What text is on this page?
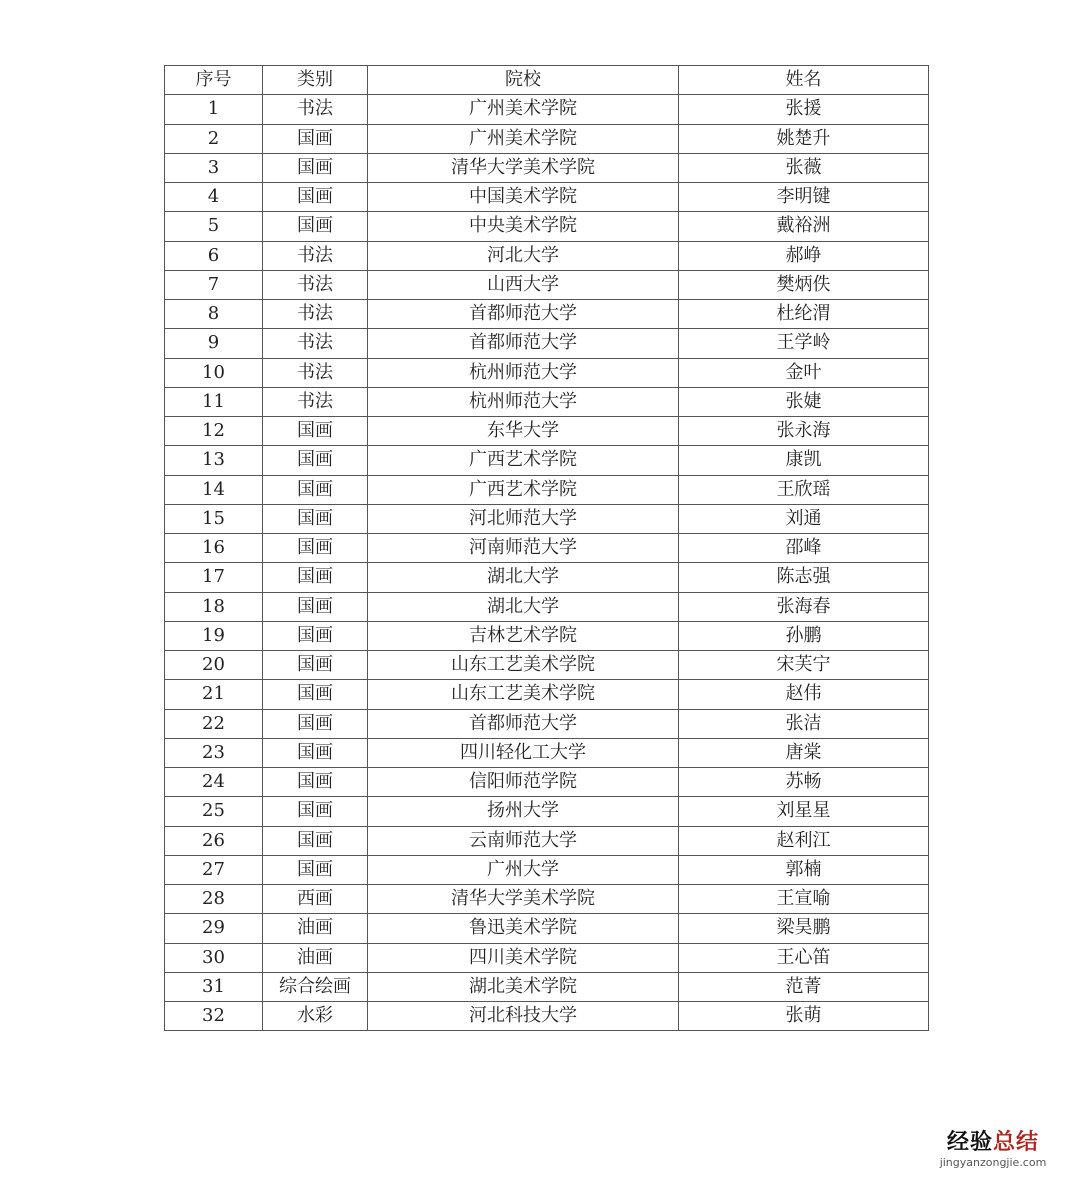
序号	类别	院校	姓名
1	书法	广州美术学院	张援
2	国画	广州美术学院	姚楚升
3	国画	清华大学美术学院	张薇
4	国画	中国美术学院	李明键
5	国画	中央美术学院	戴裕洲
6	书法	河北大学	郝峥
7	书法	山西大学	樊炳佚
8	书法	首都师范大学	杜纶渭
9	书法	首都师范大学	王学岭
10	书法	杭州师范大学	金叶
11	书法	杭州师范大学	张婕
12	国画	东华大学	张永海
13	国画	广西艺术学院	康凯
14	国画	广西艺术学院	王欣瑶
15	国画	河北师范大学	刘通
16	国画	河南师范大学	邵峰
17	国画	湖北大学	陈志强
18	国画	湖北大学	张海春
19	国画	吉林艺术学院	孙鹏
20	国画	山东工艺美术学院	宋芙宁
21	国画	山东工艺美术学院	赵伟
22	国画	首都师范大学	张洁
23	国画	四川轻化工大学	唐棠
24	国画	信阳师范学院	苏畅
25	国画	扬州大学	刘星星
26	国画	云南师范大学	赵利江
27	国画	广州大学	郭楠
28	西画	清华大学美术学院	王宣喻
29	油画	鲁迅美术学院	梁昊鹏
30	油画	四川美术学院	王心笛
31	综合绘画	湖北美术学院	范菁
32	水彩	河北科技大学	张萌
经验总结
jingyanzongjie.com
